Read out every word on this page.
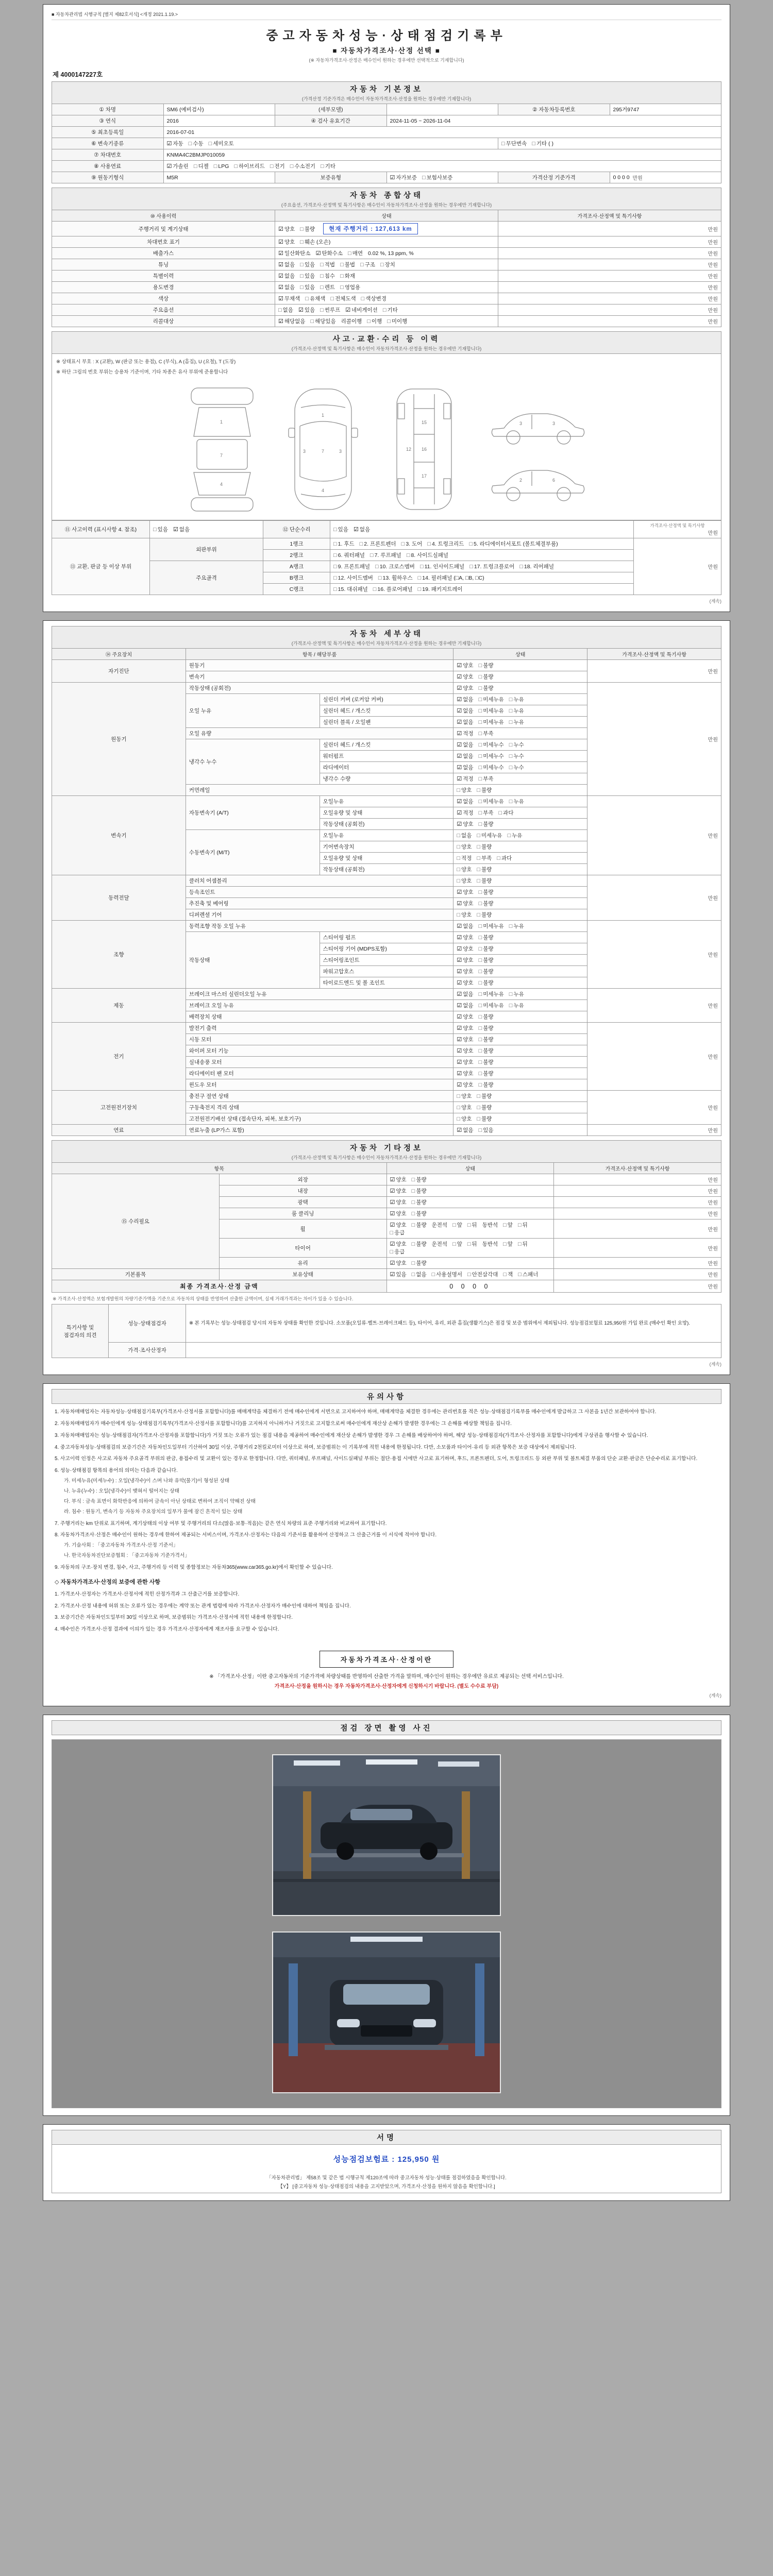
■ 자동차관리법 시행규칙 [별지 제82호서식] <개정 2021.1.19.>
중고자동차성능·상태점검기록부
■ 자동차가격조사·산정 선택 ■
(※ 자동차가격조사·산정은 매수인이 원하는 경우에만 선택적으로 기재합니다)
제 4000147227호
자동차 기본정보
(가격산정 기준가격은 매수인이 자동차가격조사·산정을 원하는 경우에만 기재합니다)					

① 차명	SM6 (예비검사)	(세부모델)		② 자동차등록번호	295거9747
③ 연식	2016	④ 검사 유효기간	2024-11-05 ~ 2026-11-04		
⑤ 최초등록일	2016-07-01				
⑥ 변속기종류	☑ 자동 □ 수동 □ 세미오토			□ 무단변속 □ 기타 ( )	
⑦ 차대번호	KNMA4C2BMJP010059				
⑧ 사용연료	☑ 가솔린 □ 디젤 □ LPG □ 하이브리드 □ 전기 □ 수소전기 □ 기타				
⑨ 원동기형식	M5R	보증유형	☑ 자가보증 □ 보험사보증	가격산정 기준가격	0 0 0 0 만원
자동차 종합상태
(주요옵션, 가격조사·산정액 및 특기사항은 매수인이 자동차가격조사·산정을 원하는 경우에만 기재합니다)		

⑩ 사용이력	상태	가격조사·산정액 및 특기사항
주행거리 및 계기상태	☑ 양호 □ 불량 현재 주행거리 : 127,613 km	만원
차대번호 표기	☑ 양호 □ 훼손 (오손)	만원
배출가스	☑ 일산화탄소 ☑ 탄화수소 □ 매연 0.02 %, 13 ppm, %	만원
튜닝	☑ 없음 □ 있음 □ 적법 □ 불법 □ 구조 □ 장치	만원
특별이력	☑ 없음 □ 있음 □ 침수 □ 화재	만원
용도변경	☑ 없음 □ 있음 □ 렌트 □ 영업용	만원
색상	☑ 무채색 □ 유채색 □ 전체도색 □ 색상변경	만원
주요옵션	□ 없음 ☑ 있음 □ 썬루프 ☑ 네비게이션 □ 기타	만원
리콜대상	☑ 해당없음 □ 해당있음 리콜이행 □ 이행 □ 미이행	만원
사고·교환·수리 등 이력
(가격조사·산정액 및 특기사항은 매수인이 자동차가격조사·산정을 원하는 경우에만 기재합니다)

※ 상태표시 부호 : X (교환), W (판금 또는 용접), C (부식), A (흠집), U (요철), T (도장)
※ 하단 그림의 번호 부위는 승용차 기준이며, 기타 차종은 유사 부위에 준용합니다
1
7
4
1
7
4
3	3
15
16
17
12
3	3
2	6
⑪ 사고이력 (표시사항 4. 참조)	□ 있음 ☑ 없음	⑫ 단순수리	□ 있음 ☑ 없음	가격조사·산정액 및 특기사항
만원

⑬ 교환, 판금 등 이상 부위	외판부위	1랭크	□ 1. 후드 □ 2. 프론트펜더 □ 3. 도어 □ 4. 트렁크리드 □ 5. 라디에이터서포트 (볼트체결부품)	만원
		2랭크	□ 6. 쿼터패널 □ 7. 루프패널 □ 8. 사이드실패널	
	주요골격	A랭크	□ 9. 프론트패널 □ 10. 크로스멤버 □ 11. 인사이드패널 □ 17. 트렁크플로어 □ 18. 리어패널	
		B랭크	□ 12. 사이드멤버 □ 13. 휠하우스 □ 14. 필러패널 (□A, □B, □C)	
		C랭크	□ 15. 대쉬패널 □ 16. 플로어패널 □ 19. 패키지트레이	
(계속)
자동차 세부상태
(가격조사·산정액 및 특기사항은 매수인이 자동차가격조사·산정을 원하는 경우에만 기재합니다)				

⑭ 주요장치	항목 / 해당부품		상태	가격조사·산정액 및 특기사항
자기진단	원동기		☑ 양호 □ 불량	만원
	변속기		☑ 양호 □ 불량	
원동기	작동상태 (공회전)		☑ 양호 □ 불량	만원
	오일 누유	실린더 커버 (로커암 커버)	☑ 없음 □ 미세누유 □ 누유	
		실린더 헤드 / 개스킷	☑ 없음 □ 미세누유 □ 누유	
		실린더 블록 / 오일팬	☑ 없음 □ 미세누유 □ 누유	
	오일 유량		☑ 적정 □ 부족	
	냉각수 누수	실린더 헤드 / 개스킷	☑ 없음 □ 미세누수 □ 누수	
		워터펌프	☑ 없음 □ 미세누수 □ 누수	
		라디에이터	☑ 없음 □ 미세누수 □ 누수	
		냉각수 수량	☑ 적정 □ 부족	
	커먼레일		□ 양호 □ 불량	
변속기	자동변속기 (A/T)	오일누유	☑ 없음 □ 미세누유 □ 누유	만원
		오일유량 및 상태	☑ 적정 □ 부족 □ 과다	
		작동상태 (공회전)	☑ 양호 □ 불량	
	수동변속기 (M/T)	오일누유	□ 없음 □ 미세누유 □ 누유	
		기어변속장치	□ 양호 □ 불량	
		오일유량 및 상태	□ 적정 □ 부족 □ 과다	
		작동상태 (공회전)	□ 양호 □ 불량	
동력전달	클러치 어셈블리		□ 양호 □ 불량	만원
	등속조인트		☑ 양호 □ 불량	
	추진축 및 베어링		☑ 양호 □ 불량	
	디퍼렌셜 기어		□ 양호 □ 불량	
조향	동력조향 작동 오일 누유		☑ 없음 □ 미세누유 □ 누유	만원
	작동상태	스티어링 펌프	☑ 양호 □ 불량	
		스티어링 기어 (MDPS포함)	☑ 양호 □ 불량	
		스티어링조인트	☑ 양호 □ 불량	
		파워고압호스	☑ 양호 □ 불량	
		타이로드엔드 및 볼 조인트	☑ 양호 □ 불량	
제동	브레이크 마스터 실린더오일 누유		☑ 없음 □ 미세누유 □ 누유	만원
	브레이크 오일 누유		☑ 없음 □ 미세누유 □ 누유	
	배력장치 상태		☑ 양호 □ 불량	
전기	발전기 출력		☑ 양호 □ 불량	만원
	시동 모터		☑ 양호 □ 불량	
	와이퍼 모터 기능		☑ 양호 □ 불량	
	실내송풍 모터		☑ 양호 □ 불량	
	라디에이터 팬 모터		☑ 양호 □ 불량	
	윈도우 모터		☑ 양호 □ 불량	
고전원전기장치	충전구 절연 상태		□ 양호 □ 불량	만원
	구동축전지 격리 상태		□ 양호 □ 불량	
	고전원전기배선 상태 (접속단자, 피복, 보호기구)		□ 양호 □ 불량	
연료	연료누출 (LP가스 포함)		☑ 없음 □ 있음	만원
자동차 기타정보
(가격조사·산정액 및 특기사항은 매수인이 자동차가격조사·산정을 원하는 경우에만 기재합니다)			

항목		상태	가격조사·산정액 및 특기사항
⑮ 수리필요	외장	☑ 양호 □ 불량	만원
	내장	☑ 양호 □ 불량	만원
	광택	☑ 양호 □ 불량	만원
	룸 클리닝	☑ 양호 □ 불량	만원
	휠	☑ 양호 □ 불량 운전석 □ 앞 □ 뒤 동반석 □ 앞 □ 뒤□ 응급	만원
	타이어	☑ 양호 □ 불량 운전석 □ 앞 □ 뒤 동반석 □ 앞 □ 뒤□ 응급	만원
	유리	☑ 양호 □ 불량	만원
기본품목	보유상태	☑ 있음 □ 없음 □ 사용설명서 □ 안전삼각대 □ 잭 □ 스패너	만원
최종 가격조사·산정 금액		0 0 0 0	만원
※ 가격조사·산정액은 보험개발원의 차량기준가액을 기준으로 자동차의 상태를 반영하여 산출한 금액이며, 실제 거래가격과는 차이가 있을 수 있습니다.
특기사항 및 점검자의 의견	성능·상태점검자	※ 본 기록부는 성능·상태점검 당시의 자동차 상태를 확인한 것입니다. 소모품(오일류·벨트·브레이크패드 등), 타이어, 유리, 외관 흠집(생활기스)은 점검 및 보증 범위에서 제외됩니다. 성능점검보험료 125,950원 가입 완료 (매수인 확인 요망).
	가격·조사산정자	
(계속)
유의사항

1. 자동차매매업자는 자동차성능·상태점검기록부(가격조사·산정서를 포함합니다)를 매매계약을 체결하기 전에 매수인에게 서면으로 고지하여야 하며, 매매계약을 체결한 경우에는 관리번호를 적은 성능·상태점검기록부를 매수인에게 발급하고 그 사본을 1년간 보관하여야 합니다.

2. 자동차매매업자가 매수인에게 성능·상태점검기록부(가격조사·산정서를 포함합니다)를 고지하지 아니하거나 거짓으로 고지함으로써 매수인에게 재산상 손해가 발생한 경우에는 그 손해를 배상할 책임을 집니다.

3. 자동차매매업자는 성능·상태점검자(가격조사·산정자를 포함합니다)가 거짓 또는 오류가 있는 점검 내용을 제공하여 매수인에게 재산상 손해가 발생한 경우 그 손해를 배상하여야 하며, 해당 성능·상태점검자(가격조사·산정자를 포함합니다)에게 구상권을 행사할 수 있습니다.

4. 중고자동차성능·상태점검의 보증기간은 자동차인도일부터 기산하여 30일 이상, 주행거리 2천킬로미터 이상으로 하며, 보증범위는 이 기록부에 적힌 내용에 한정됩니다. 다만, 소모품과 타이어·유리 등 외관 항목은 보증 대상에서 제외됩니다.

5. 사고이력 인정은 사고로 자동차 주요골격 부위의 판금, 용접수리 및 교환이 있는 경우로 한정합니다. 다만, 쿼터패널, 루프패널, 사이드실패널 부위는 절단·용접 시에만 사고로 표기하며, 후드, 프론트펜더, 도어, 트렁크리드 등 외판 부위 및 볼트체결 부품의 단순 교환·판금은 단순수리로 표기합니다.

6. 성능·상태점검 항목의 용어의 의미는 다음과 같습니다.

가. 미세누유(미세누수) : 오일(냉각수)이 스며 나와 유막(물기)이 형성된 상태

나. 누유(누수) : 오일(냉각수)이 맺혀서 떨어지는 상태

다. 부식 : 금속 표면이 화학반응에 의하여 금속이 아닌 상태로 변하여 조직이 약해진 상태

라. 침수 : 원동기, 변속기 등 자동차 주요장치의 일부가 물에 잠긴 흔적이 있는 상태

7. 주행거리는 km 단위로 표기하며, 계기상태의 이상 여부 및 주행거리의 다소(많음·보통·적음)는 같은 연식 차량의 표준 주행거리와 비교하여 표기합니다.

8. 자동차가격조사·산정은 매수인이 원하는 경우에 한하여 제공되는 서비스이며, 가격조사·산정자는 다음의 기준서를 활용하여 산정하고 그 산출근거를 이 서식에 적어야 합니다.

가. 기술사회 : 「중고자동차 가격조사·산정 기준서」

나. 한국자동차진단보증협회 : 「중고자동차 기준가격서」

9. 자동차의 구조·장치 변경, 침수, 사고, 주행거리 등 이력 및 종합정보는 자동차365(www.car365.go.kr)에서 확인할 수 있습니다.

◇ 자동차가격조사·산정의 보증에 관한 사항

1. 가격조사·산정자는 가격조사·산정서에 적힌 산정가격과 그 산출근거를 보증합니다.

2. 가격조사·산정 내용에 허위 또는 오류가 있는 경우에는 계약 또는 관계 법령에 따라 가격조사·산정자가 매수인에 대하여 책임을 집니다.

3. 보증기간은 자동차인도일부터 30일 이상으로 하며, 보증범위는 가격조사·산정서에 적힌 내용에 한정합니다.

4. 매수인은 가격조사·산정 결과에 이의가 있는 경우 가격조사·산정자에게 재조사를 요구할 수 있습니다.

자동차가격조사·산정이란
※ 「가격조사·산정」이란 중고자동차의 기준가격에 차량상태를 반영하여 산출한 가격을 말하며, 매수인이 원하는 경우에만 유료로 제공되는 선택 서비스입니다.
가격조사·산정을 원하시는 경우 자동차가격조사·산정자에게 신청하시기 바랍니다. (별도 수수료 부담)
(계속)
점검 장면 촬영 사진
서명

성능점검보험료 : 125,950 원
「자동차관리법」 제58조 및 같은 법 시행규칙 제120조에 따라 중고자동차 성능·상태를 점검하였음을 확인합니다.
【Y】 [중고자동차 성능·상태점검의 내용을 고지받았으며, 가격조사·산정을 원하지 않음을 확인합니다.]
